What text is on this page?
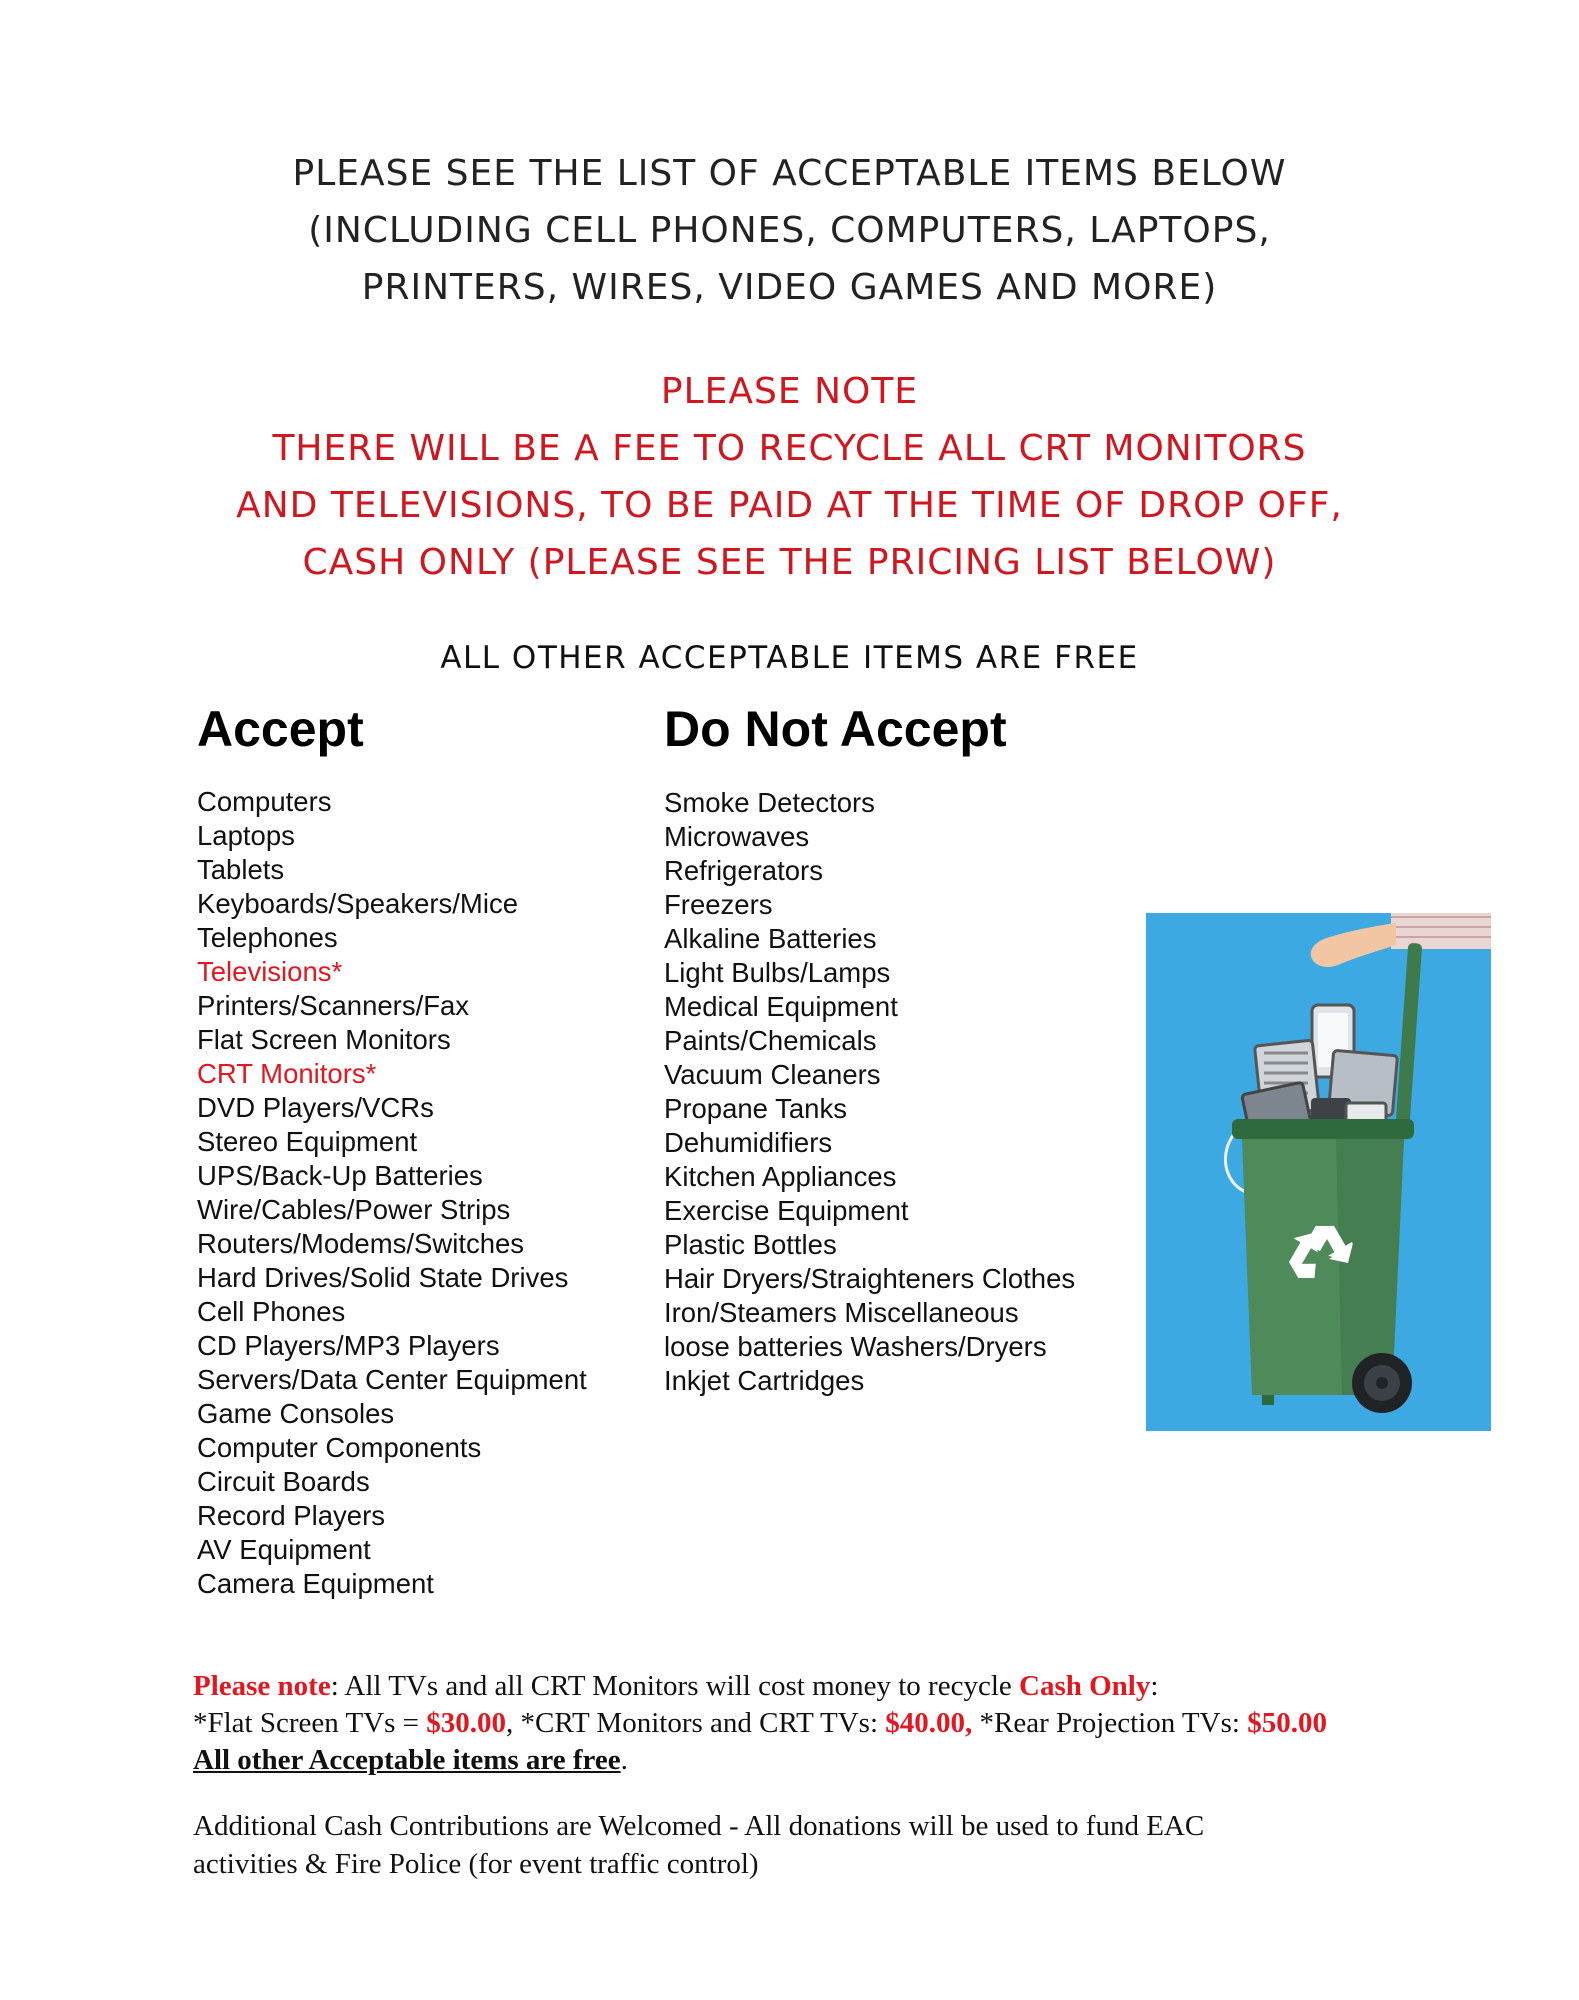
PLEASE SEE THE LIST OF ACCEPTABLE ITEMS BELOW
(INCLUDING CELL PHONES, COMPUTERS, LAPTOPS,
PRINTERS, WIRES, VIDEO GAMES AND MORE)
PLEASE NOTE
THERE WILL BE A FEE TO RECYCLE ALL CRT MONITORS
AND TELEVISIONS, TO BE PAID AT THE TIME OF DROP OFF,
CASH ONLY (PLEASE SEE THE PRICING LIST BELOW)
ALL OTHER ACCEPTABLE ITEMS ARE FREE
Accept	Do Not Accept
Computers
Laptops
Tablets
Keyboards/Speakers/Mice
Telephones
Televisions*
Printers/Scanners/Fax
Flat Screen Monitors
CRT Monitors*
DVD Players/VCRs
Stereo Equipment
UPS/Back-Up Batteries
Wire/Cables/Power Strips
Routers/Modems/Switches
Hard Drives/Solid State Drives
Cell Phones
CD Players/MP3 Players
Servers/Data Center Equipment
Game Consoles
Computer Components
Circuit Boards
Record Players
AV Equipment
Camera Equipment
Smoke Detectors
Microwaves
Refrigerators
Freezers
Alkaline Batteries
Light Bulbs/Lamps
Medical Equipment
Paints/Chemicals
Vacuum Cleaners
Propane Tanks
Dehumidifiers
Kitchen Appliances
Exercise Equipment
Plastic Bottles
Hair Dryers/Straighteners Clothes
Iron/Steamers Miscellaneous
loose batteries Washers/Dryers
Inkjet Cartridges
Please note: All TVs and all CRT Monitors will cost money to recycle Cash Only:
*Flat Screen TVs = $30.00, *CRT Monitors and CRT TVs: $40.00, *Rear Projection TVs: $50.00
All other Acceptable items are free.
Additional Cash Contributions are Welcomed - All donations will be used to fund EAC
activities & Fire Police (for event traffic control)
